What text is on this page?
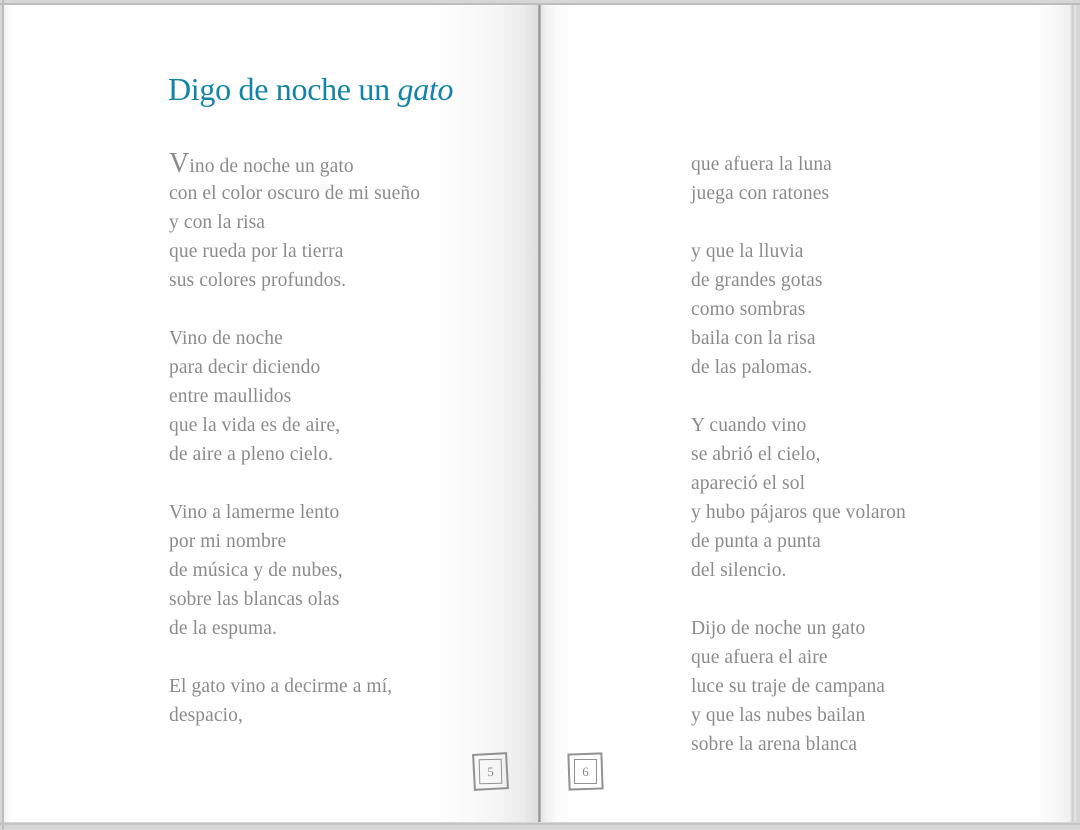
Digo de noche un gato
Vino de noche un gato
con el color oscuro de mi sueño
y con la risa
que rueda por la tierra
sus colores profundos.
Vino de noche
para decir diciendo
entre maullidos
que la vida es de aire,
de aire a pleno cielo.
Vino a lamerme lento
por mi nombre
de música y de nubes,
sobre las blancas olas
de la espuma.
El gato vino a decirme a mí,
despacio,
5
que afuera la luna
juega con ratones
y que la lluvia
de grandes gotas
como sombras
baila con la risa
de las palomas.
Y cuando vino
se abrió el cielo,
apareció el sol
y hubo pájaros que volaron
de punta a punta
del silencio.
Dijo de noche un gato
que afuera el aire
luce su traje de campana
y que las nubes bailan
sobre la arena blanca
6
